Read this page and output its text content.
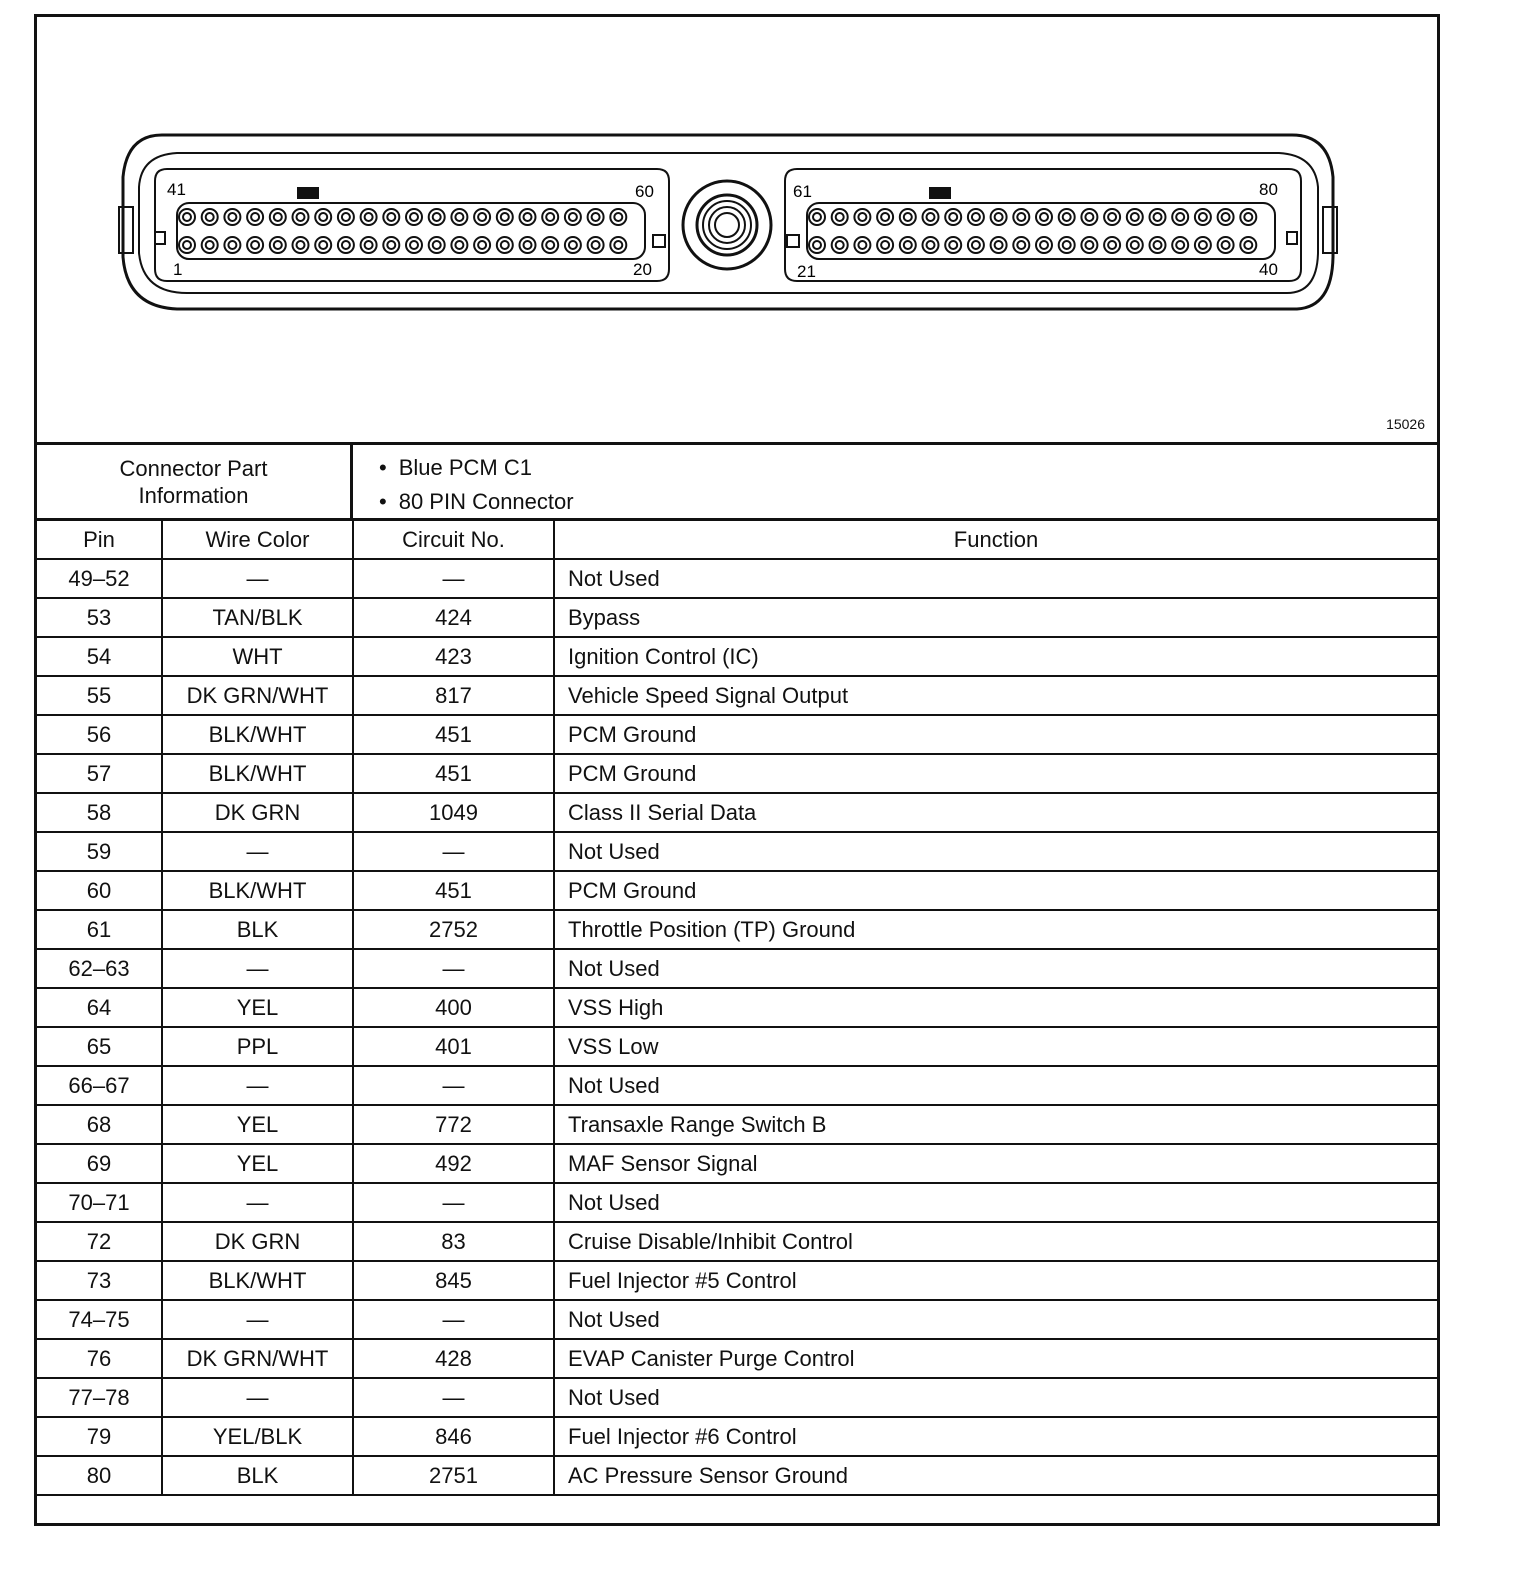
41	60
1	20
61	80
21	40
15026
Connector Part Information
• Blue PCM C1
• 80 PIN Connector
Pin	Wire Color	Circuit No.	Function
49–52	—	—	Not Used
53	TAN/BLK	424	Bypass
54	WHT	423	Ignition Control (IC)
55	DK GRN/WHT	817	Vehicle Speed Signal Output
56	BLK/WHT	451	PCM Ground
57	BLK/WHT	451	PCM Ground
58	DK GRN	1049	Class II Serial Data
59	—	—	Not Used
60	BLK/WHT	451	PCM Ground
61	BLK	2752	Throttle Position (TP) Ground
62–63	—	—	Not Used
64	YEL	400	VSS High
65	PPL	401	VSS Low
66–67	—	—	Not Used
68	YEL	772	Transaxle Range Switch B
69	YEL	492	MAF Sensor Signal
70–71	—	—	Not Used
72	DK GRN	83	Cruise Disable/Inhibit Control
73	BLK/WHT	845	Fuel Injector #5 Control
74–75	—	—	Not Used
76	DK GRN/WHT	428	EVAP Canister Purge Control
77–78	—	—	Not Used
79	YEL/BLK	846	Fuel Injector #6 Control
80	BLK	2751	AC Pressure Sensor Ground
